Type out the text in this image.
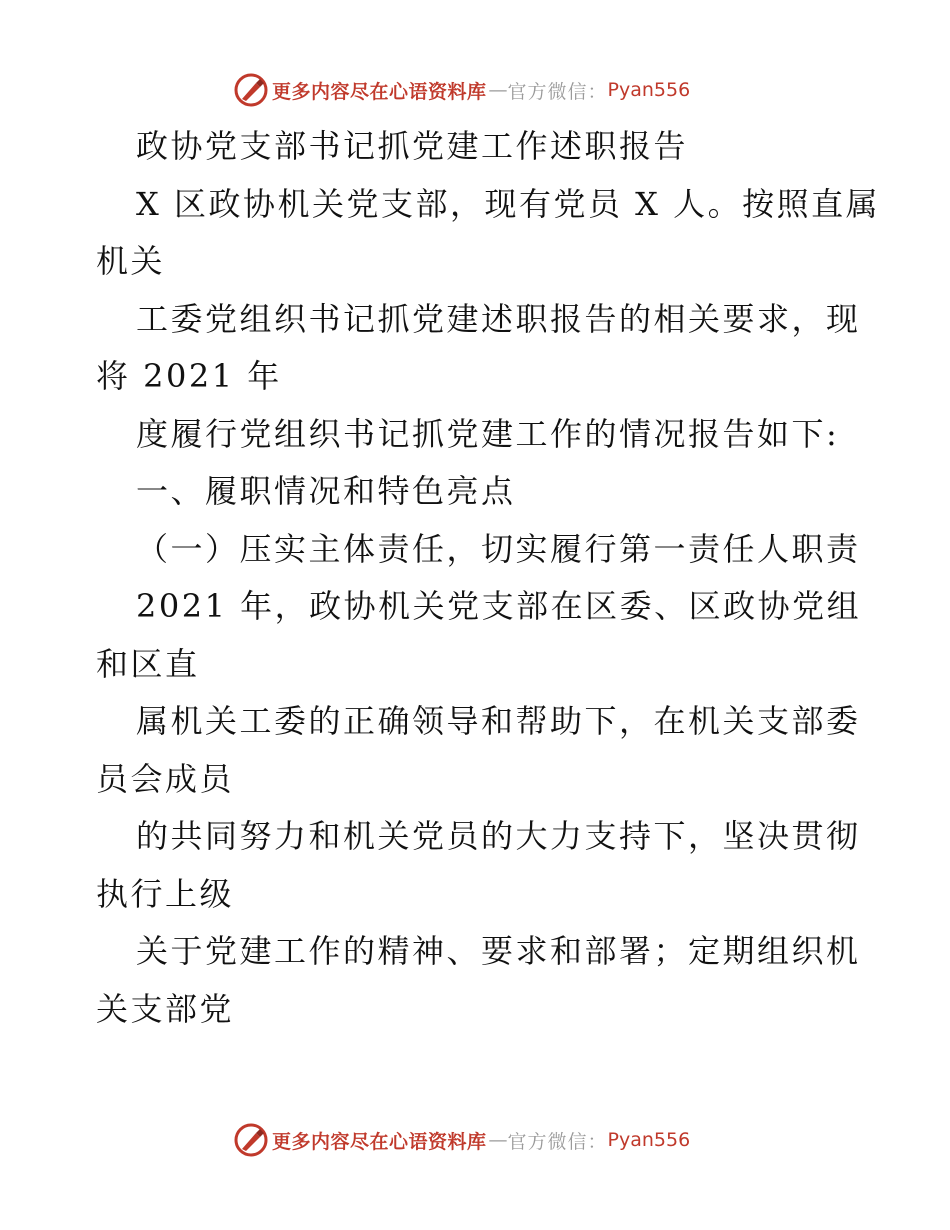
更多内容尽在心语资料库 — 官方微信： Pyan556
政协党支部书记抓党建工作述职报告
X 区政协机关党支部，现有党员 X 人。按照直属
机关
工委党组织书记抓党建述职报告的相关要求，现
将 2021 年
度履行党组织书记抓党建工作的情况报告如下:
一、履职情况和特色亮点
（一）压实主体责任，切实履行第一责任人职责
2021 年，政协机关党支部在区委、区政协党组
和区直
属机关工委的正确领导和帮助下，在机关支部委
员会成员
的共同努力和机关党员的大力支持下，坚决贯彻
执行上级
关于党建工作的精神、要求和部署；定期组织机
关支部党
更多内容尽在心语资料库 — 官方微信： Pyan556
